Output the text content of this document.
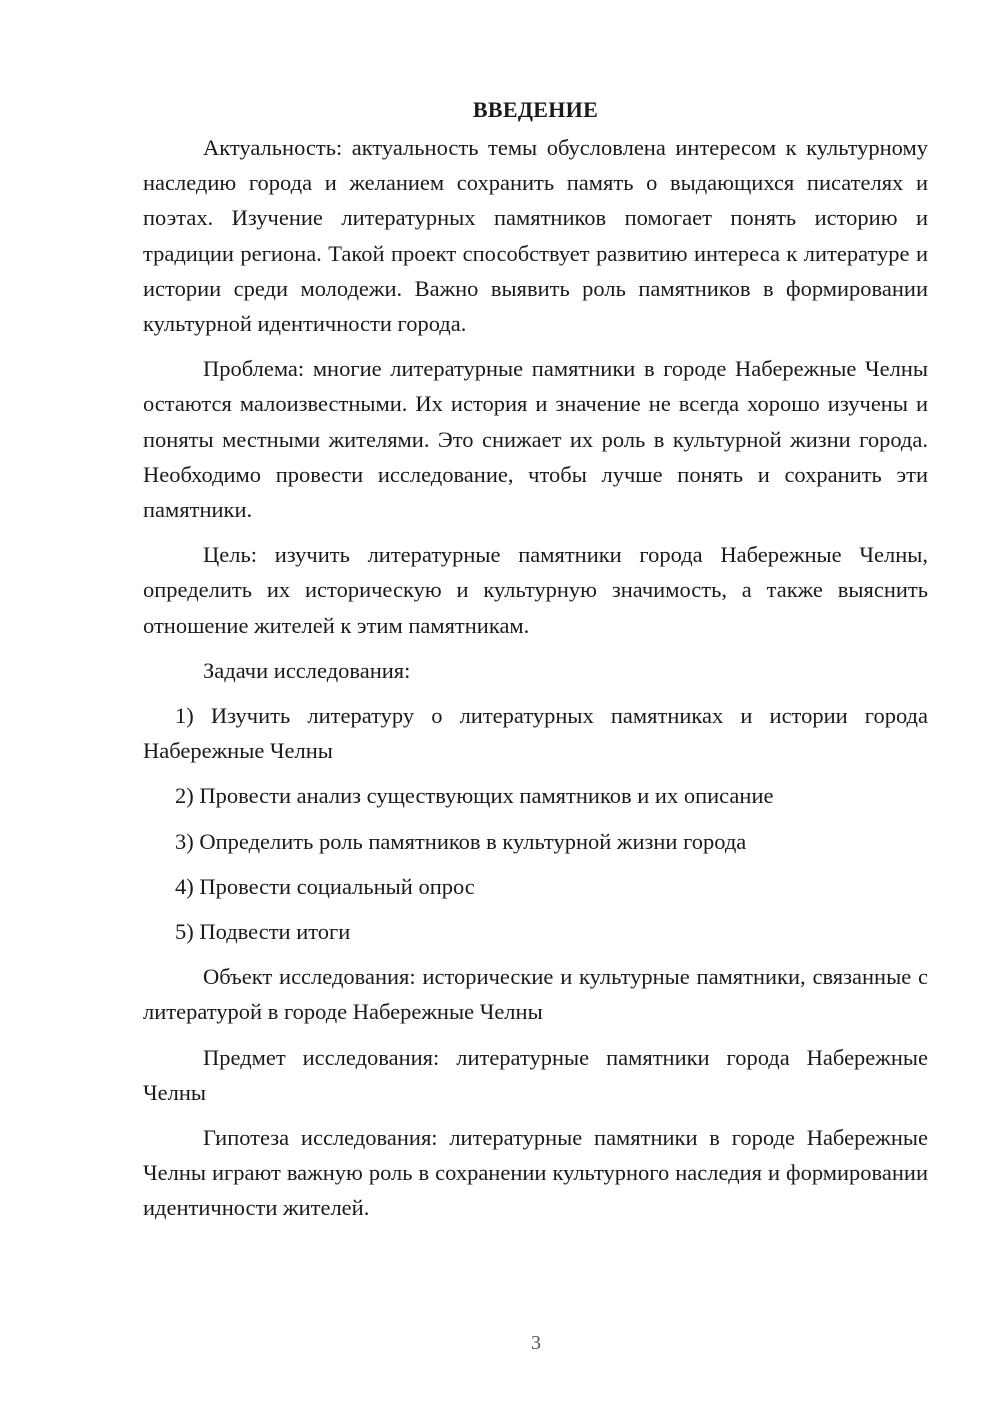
ВВЕДЕНИЕ

Актуальность: актуальность темы обусловлена интересом к культурному наследию города и желанием сохранить память о выдающихся писателях и поэтах. Изучение литературных памятников помогает понять историю и традиции региона. Такой проект способствует развитию интереса к литературе и истории среди молодежи. Важно выявить роль памятников в формировании культурной идентичности города.

Проблема: многие литературные памятники в городе Набережные Челны остаются малоизвестными. Их история и значение не всегда хорошо изучены и поняты местными жителями. Это снижает их роль в культурной жизни города. Необходимо провести исследование, чтобы лучше понять и сохранить эти памятники.

Цель: изучить литературные памятники города Набережные Челны, определить их историческую и культурную значимость, а также выяснить отношение жителей к этим памятникам.

Задачи исследования:

1) Изучить литературу о литературных памятниках и истории города Набережные Челны

2) Провести анализ существующих памятников и их описание

3) Определить роль памятников в культурной жизни города

4) Провести социальный опрос

5) Подвести итоги

Объект исследования: исторические и культурные памятники, связанные с литературой в городе Набережные Челны

Предмет исследования: литературные памятники города Набережные Челны

Гипотеза исследования: литературные памятники в городе Набережные Челны играют важную роль в сохранении культурного наследия и формировании идентичности жителей.

3
